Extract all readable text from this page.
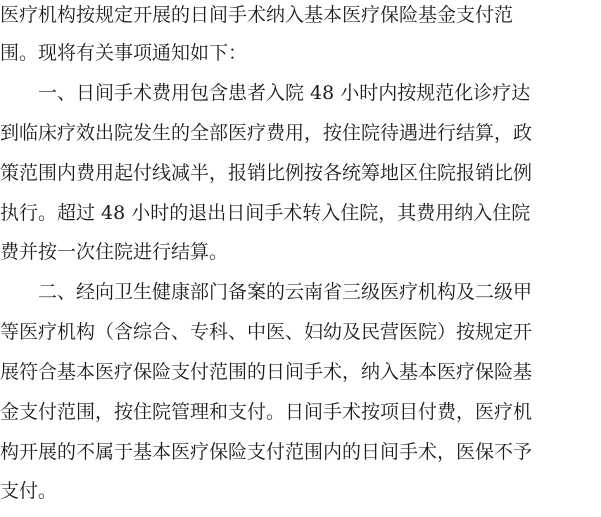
医疗机构按规定开展的日间手术纳入基本医疗保险基金支付范
围。现将有关事项通知如下：
一、日间手术费用包含患者入院 48 小时内按规范化诊疗达
到临床疗效出院发生的全部医疗费用，按住院待遇进行结算，政
策范围内费用起付线减半，报销比例按各统筹地区住院报销比例
执行。超过 48 小时的退出日间手术转入住院，其费用纳入住院
费并按一次住院进行结算。
二、经向卫生健康部门备案的云南省三级医疗机构及二级甲
等医疗机构（含综合、专科、中医、妇幼及民营医院）按规定开
展符合基本医疗保险支付范围的日间手术，纳入基本医疗保险基
金支付范围，按住院管理和支付。日间手术按项目付费，医疗机
构开展的不属于基本医疗保险支付范围内的日间手术，医保不予
支付。
